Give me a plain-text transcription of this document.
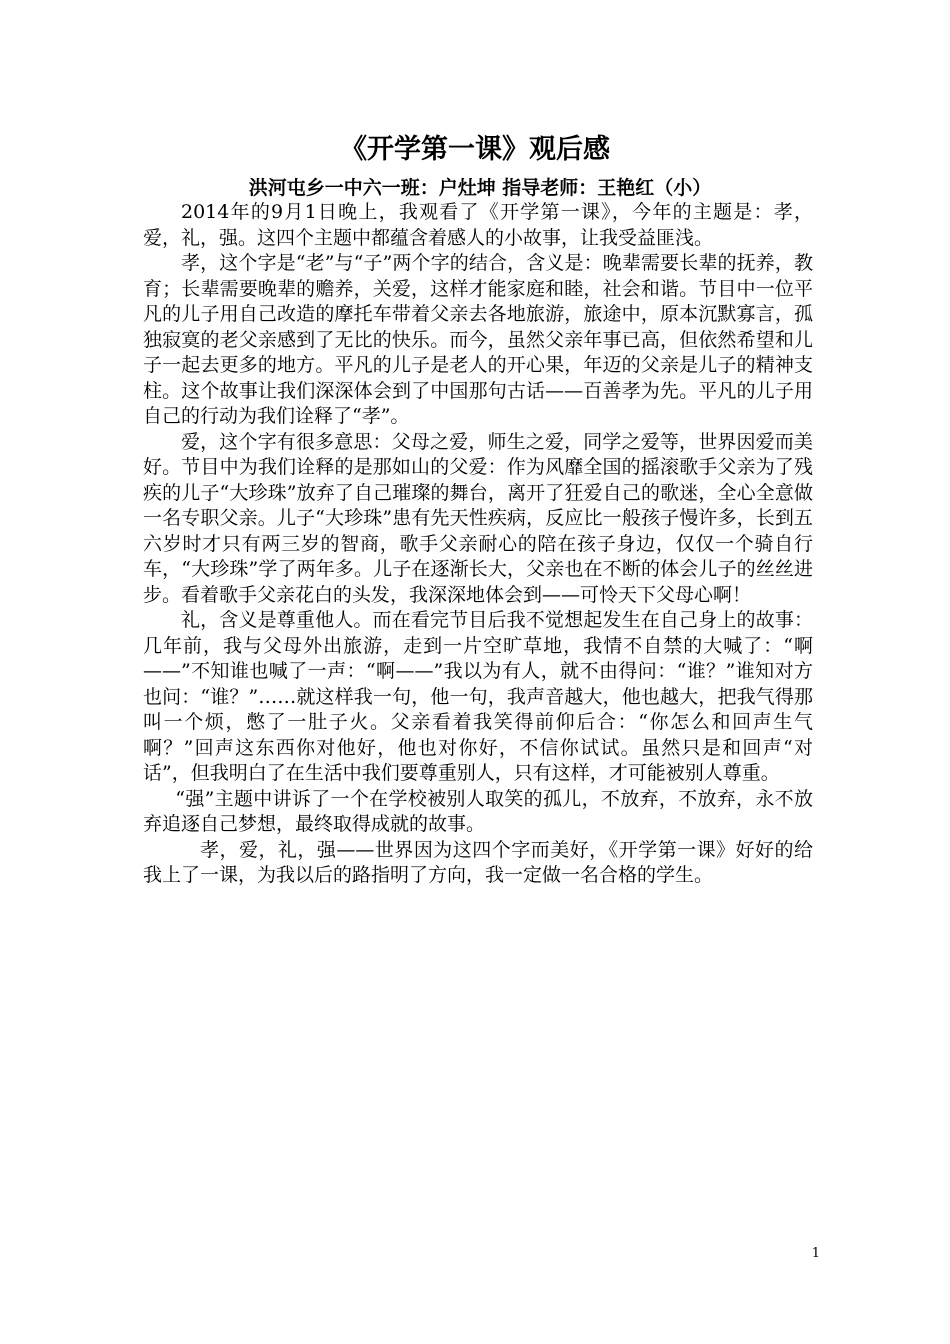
《开学第一课》观后感
洪河屯乡一中六一班：户灶坤 指导老师：王艳红（小）

2014年的9月1日晚上，我观看了《开学第一课》，今年的主题是：孝，爱，礼，强。这四个主题中都蕴含着感人的小故事，让我受益匪浅。

孝，这个字是“老”与“子”两个字的结合，含义是：晚辈需要长辈的抚养，教育；长辈需要晚辈的赡养，关爱，这样才能家庭和睦，社会和谐。节目中一位平凡的儿子用自己改造的摩托车带着父亲去各地旅游，旅途中，原本沉默寡言，孤独寂寞的老父亲感到了无比的快乐。而今，虽然父亲年事已高，但依然希望和儿子一起去更多的地方。平凡的儿子是老人的开心果，年迈的父亲是儿子的精神支柱。这个故事让我们深深体会到了中国那句古话——百善孝为先。平凡的儿子用自己的行动为我们诠释了“孝”。

爱，这个字有很多意思：父母之爱，师生之爱，同学之爱等，世界因爱而美好。节目中为我们诠释的是那如山的父爱：作为风靡全国的摇滚歌手父亲为了残疾的儿子“大珍珠”放弃了自己璀璨的舞台，离开了狂爱自己的歌迷，全心全意做一名专职父亲。儿子“大珍珠”患有先天性疾病，反应比一般孩子慢许多，长到五六岁时才只有两三岁的智商，歌手父亲耐心的陪在孩子身边，仅仅一个骑自行车，“大珍珠”学了两年多。儿子在逐渐长大，父亲也在不断的体会儿子的丝丝进步。看着歌手父亲花白的头发，我深深地体会到——可怜天下父母心啊！

礼，含义是尊重他人。而在看完节目后我不觉想起发生在自己身上的故事：几年前，我与父母外出旅游，走到一片空旷草地，我情不自禁的大喊了：“啊——”不知谁也喊了一声：“啊——”我以为有人，就不由得问：“谁？”谁知对方也问：“谁？”……就这样我一句，他一句，我声音越大，他也越大，把我气得那叫一个烦，憋了一肚子火。父亲看着我笑得前仰后合：“你怎么和回声生气啊？”回声这东西你对他好，他也对你好，不信你试试。虽然只是和回声“对话”，但我明白了在生活中我们要尊重别人，只有这样，才可能被别人尊重。

“强”主题中讲诉了一个在学校被别人取笑的孤儿，不放弃，不放弃，永不放弃追逐自己梦想，最终取得成就的故事。

孝，爱，礼，强——世界因为这四个字而美好，《开学第一课》好好的给我上了一课，为我以后的路指明了方向，我一定做一名合格的学生。

1
